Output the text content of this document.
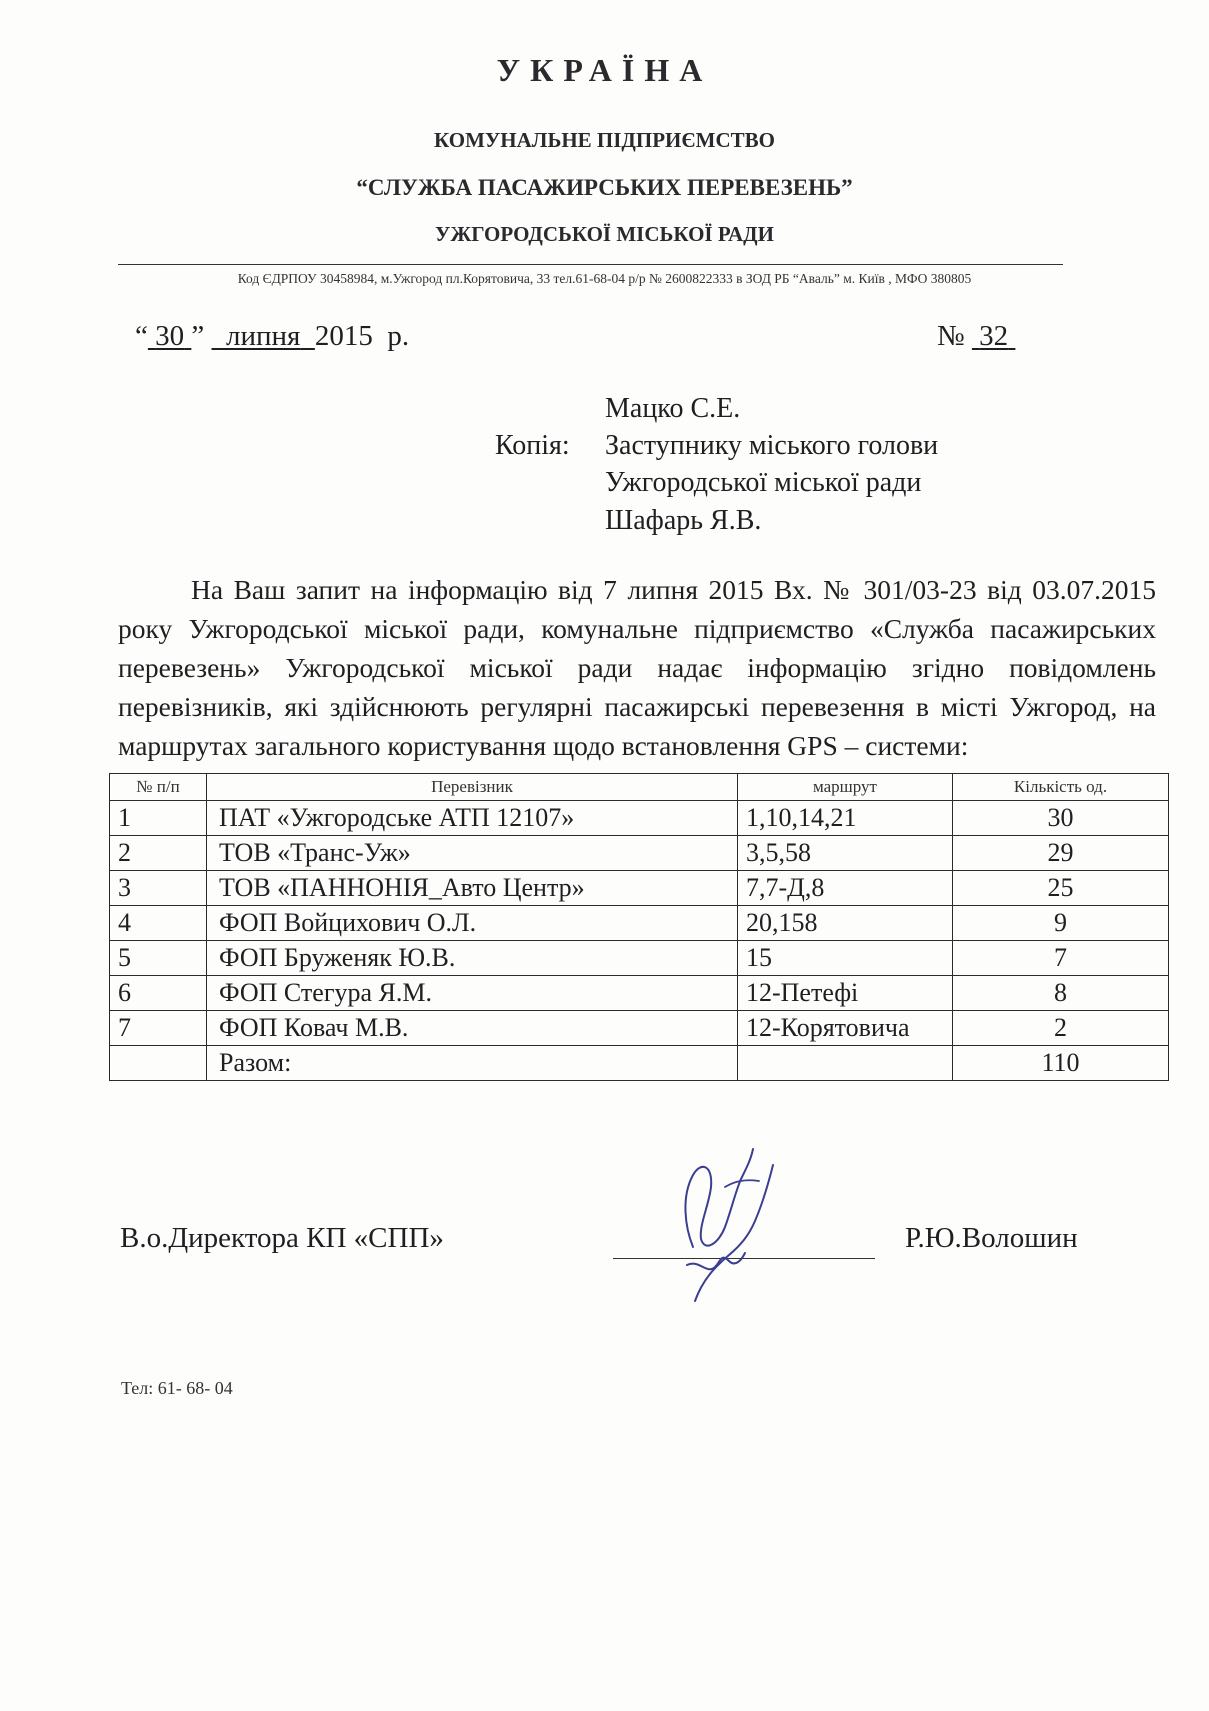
УКРАЇНА
КОМУНАЛЬНЕ ПІДПРИЄМСТВО
“СЛУЖБА ПАСАЖИРСЬКИХ ПЕРЕВЕЗЕНЬ”
УЖГОРОДСЬКОЇ МІСЬКОЇ РАДИ
Код ЄДРПОУ 30458984, м.Ужгород пл.Корятовича, 33 тел.61-68-04 р/р № 2600822333 в ЗОД РБ “Аваль” м. Київ , МФО 380805
“ 30 ” липня 2015 р.	№ 32
Мацко С.Е.
Копія: Заступнику міського голови
Ужгородської міської ради
Шафарь Я.В.

На Ваш запит на інформацію від 7 липня 2015 Вх. № 301/03-23 від 03.07.2015 року Ужгородської міської ради, комунальне підприємство «Служба пасажирських перевезень» Ужгородської міської ради надає інформацію згідно повідомлень перевізників, які здійснюють регулярні пасажирські перевезення в місті Ужгород, на маршрутах загального користування щодо встановлення GPS – системи:

№ п/п	Перевізник	маршрут	Кількість од.
1	ПАТ «Ужгородське АТП 12107»	1,10,14,21	30
2	ТОВ «Транс-Уж»	3,5,58	29
3	ТОВ «ПАННОНІЯ_Авто Центр»	7,7-Д,8	25
4	ФОП Войцихович О.Л.	20,158	9
5	ФОП Бруженяк Ю.В.	15	7
6	ФОП Стегура Я.М.	12-Петефі	8
7	ФОП Ковач М.В.	12-Корятовича	2
	Разом:		110
В.о.Директора КП «СПП»	Р.Ю.Волошин
Тел: 61- 68- 04
